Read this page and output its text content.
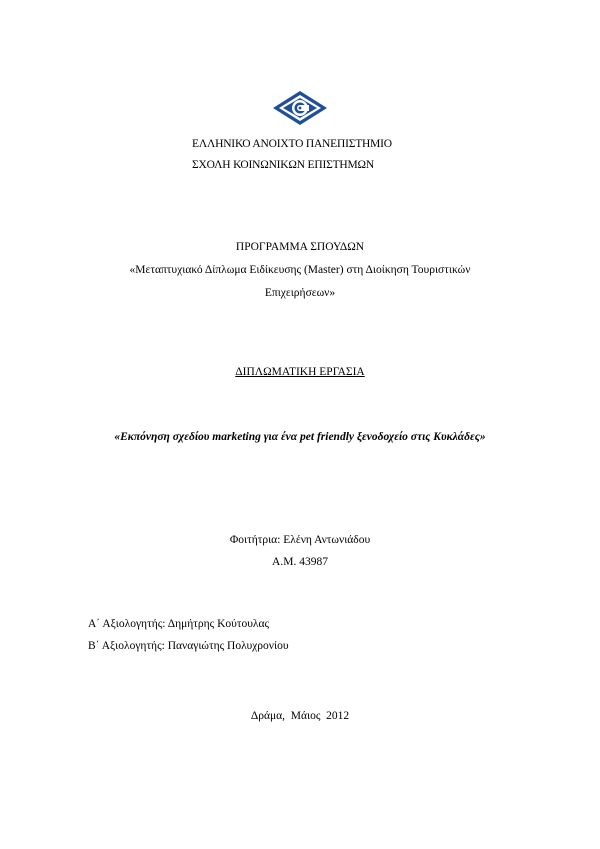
ΕΛΛΗΝΙΚΟ ΑΝΟΙΧΤΟ ΠΑΝΕΠΙΣΤΗΜΙΟ
ΣΧΟΛΗ ΚΟΙΝΩΝΙΚΩΝ ΕΠΙΣΤΗΜΩΝ
ΠΡΟΓΡΑΜΜΑ ΣΠΟΥΔΩΝ
«Μεταπτυχιακό Δίπλωμα Ειδίκευσης (Master) στη Διοίκηση Τουριστικών
Επιχειρήσεων»
ΔΙΠΛΩΜΑΤΙΚΗ ΕΡΓΑΣΙΑ
«Εκπόνηση σχεδίου marketing για ένα pet friendly ξενοδοχείο στις Κυκλάδες»
Φοιτήτρια: Ελένη Αντωνιάδου
Α.Μ. 43987
Α΄ Αξιολογητής: Δημήτρης Κούτουλας
Β΄ Αξιολογητής: Παναγιώτης Πολυχρονίου
Δράμα,  Μάιος  2012
